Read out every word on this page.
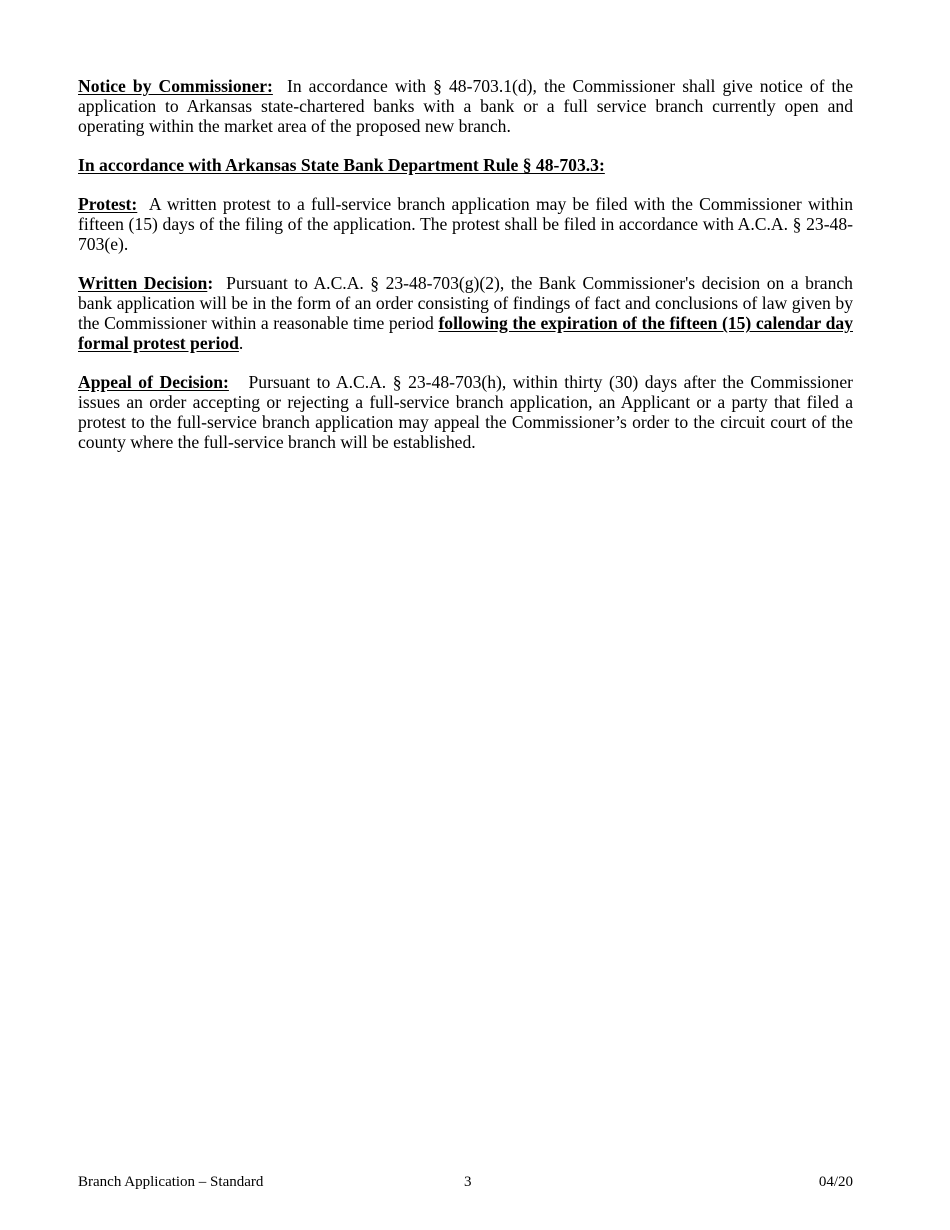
Notice by Commissioner: In accordance with § 48-703.1(d), the Commissioner shall give notice of the application to Arkansas state-chartered banks with a bank or a full service branch currently open and operating within the market area of the proposed new branch.

In accordance with Arkansas State Bank Department Rule § 48-703.3:

Protest: A written protest to a full-service branch application may be filed with the Commissioner within fifteen (15) days of the filing of the application. The protest shall be filed in accordance with A.C.A. § 23-48-703(e).

Written Decision: Pursuant to A.C.A. § 23-48-703(g)(2), the Bank Commissioner's decision on a branch bank application will be in the form of an order consisting of findings of fact and conclusions of law given by the Commissioner within a reasonable time period following the expiration of the fifteen (15) calendar day formal protest period.

Appeal of Decision: Pursuant to A.C.A. § 23-48-703(h), within thirty (30) days after the Commissioner issues an order accepting or rejecting a full-service branch application, an Applicant or a party that filed a protest to the full-service branch application may appeal the Commissioner’s order to the circuit court of the county where the full-service branch will be established.

Branch Application – Standard	3	04/20
